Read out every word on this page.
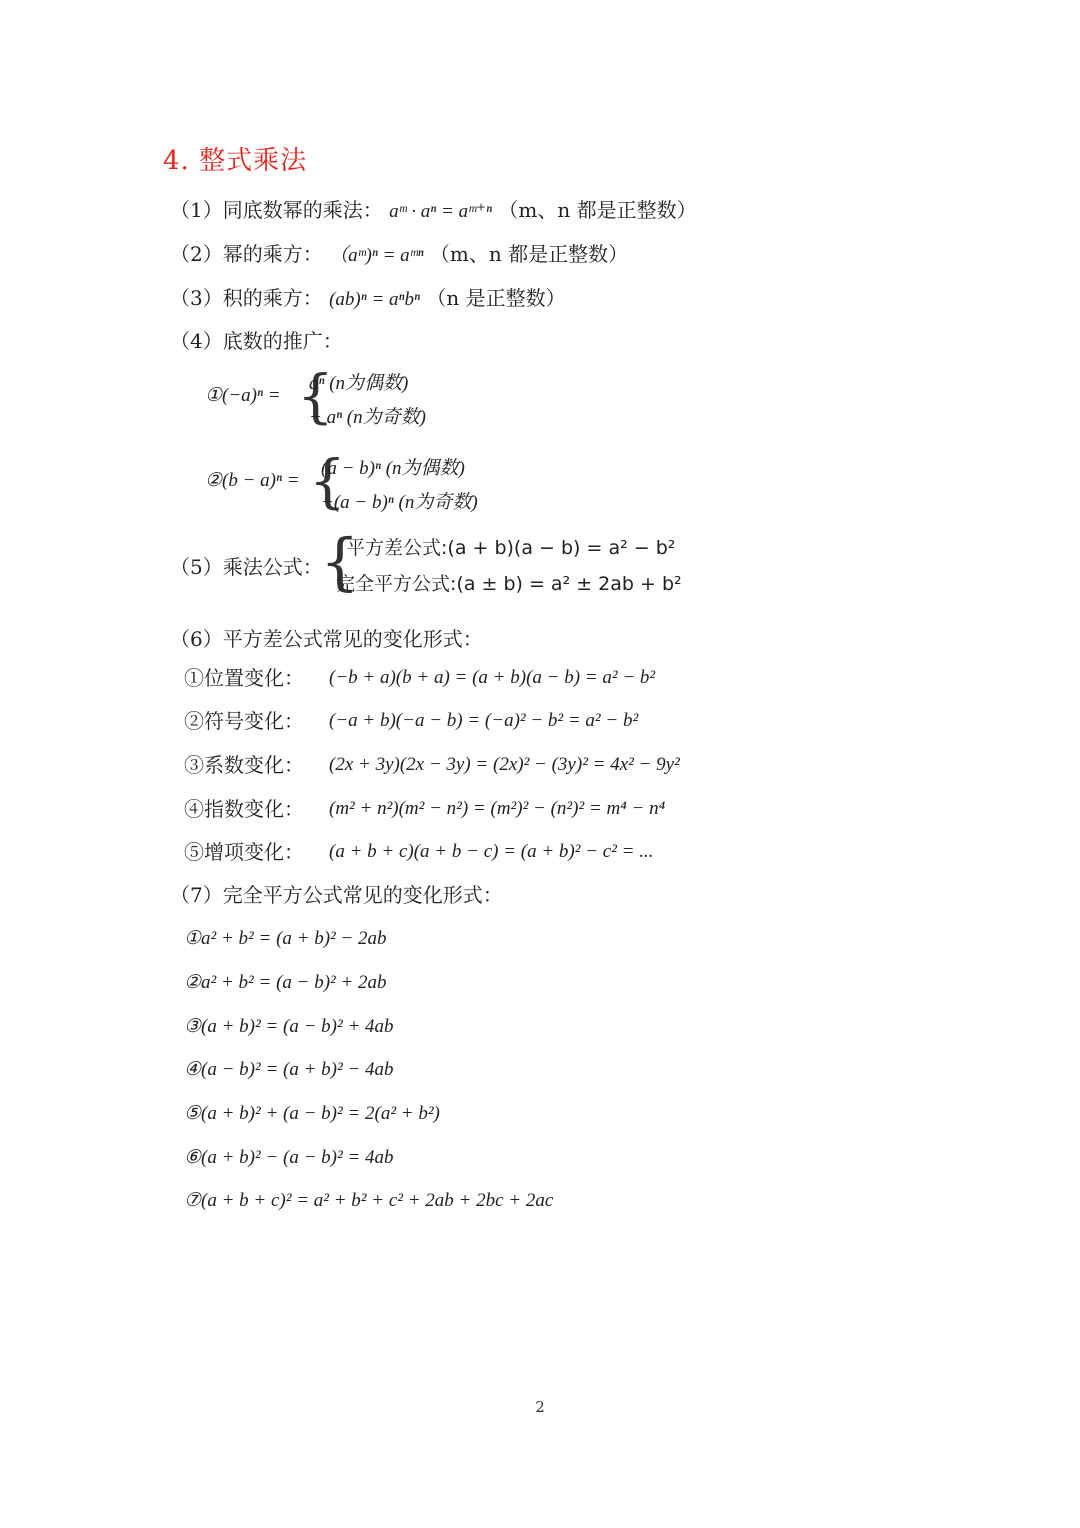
4. 整式乘法
（1）同底数幂的乘法： aᵐ · aⁿ = aᵐ⁺ⁿ （m、n 都是正整数）
（2）幂的乘方： （aᵐ)ⁿ = aᵐⁿ （m、n 都是正整数）
（3）积的乘方： (ab)ⁿ = aⁿbⁿ （n 是正整数）
（4）底数的推广：
①(−a)ⁿ = {
aⁿ (n为偶数)
− aⁿ (n为奇数)
②(b − a)ⁿ = {
(a − b)ⁿ (n为偶数)
−(a − b)ⁿ (n为奇数)
（5）乘法公式：
{
平方差公式:(a + b)(a − b) = a² − b²
完全平方公式:(a ± b) = a² ± 2ab + b²
（6）平方差公式常见的变化形式：
①位置变化： (−b + a)(b + a) = (a + b)(a − b) = a² − b²
②符号变化： (−a + b)(−a − b) = (−a)² − b² = a² − b²
③系数变化： (2x + 3y)(2x − 3y) = (2x)² − (3y)² = 4x² − 9y²
④指数变化： (m² + n²)(m² − n²) = (m²)² − (n²)² = m⁴ − n⁴
⑤增项变化： (a + b + c)(a + b − c) = (a + b)² − c² = ...
（7）完全平方公式常见的变化形式：
①a² + b² = (a + b)² − 2ab
②a² + b² = (a − b)² + 2ab
③(a + b)² = (a − b)² + 4ab
④(a − b)² = (a + b)² − 4ab
⑤(a + b)² + (a − b)² = 2(a² + b²)
⑥(a + b)² − (a − b)² = 4ab
⑦(a + b + c)² = a² + b² + c² + 2ab + 2bc + 2ac
2
